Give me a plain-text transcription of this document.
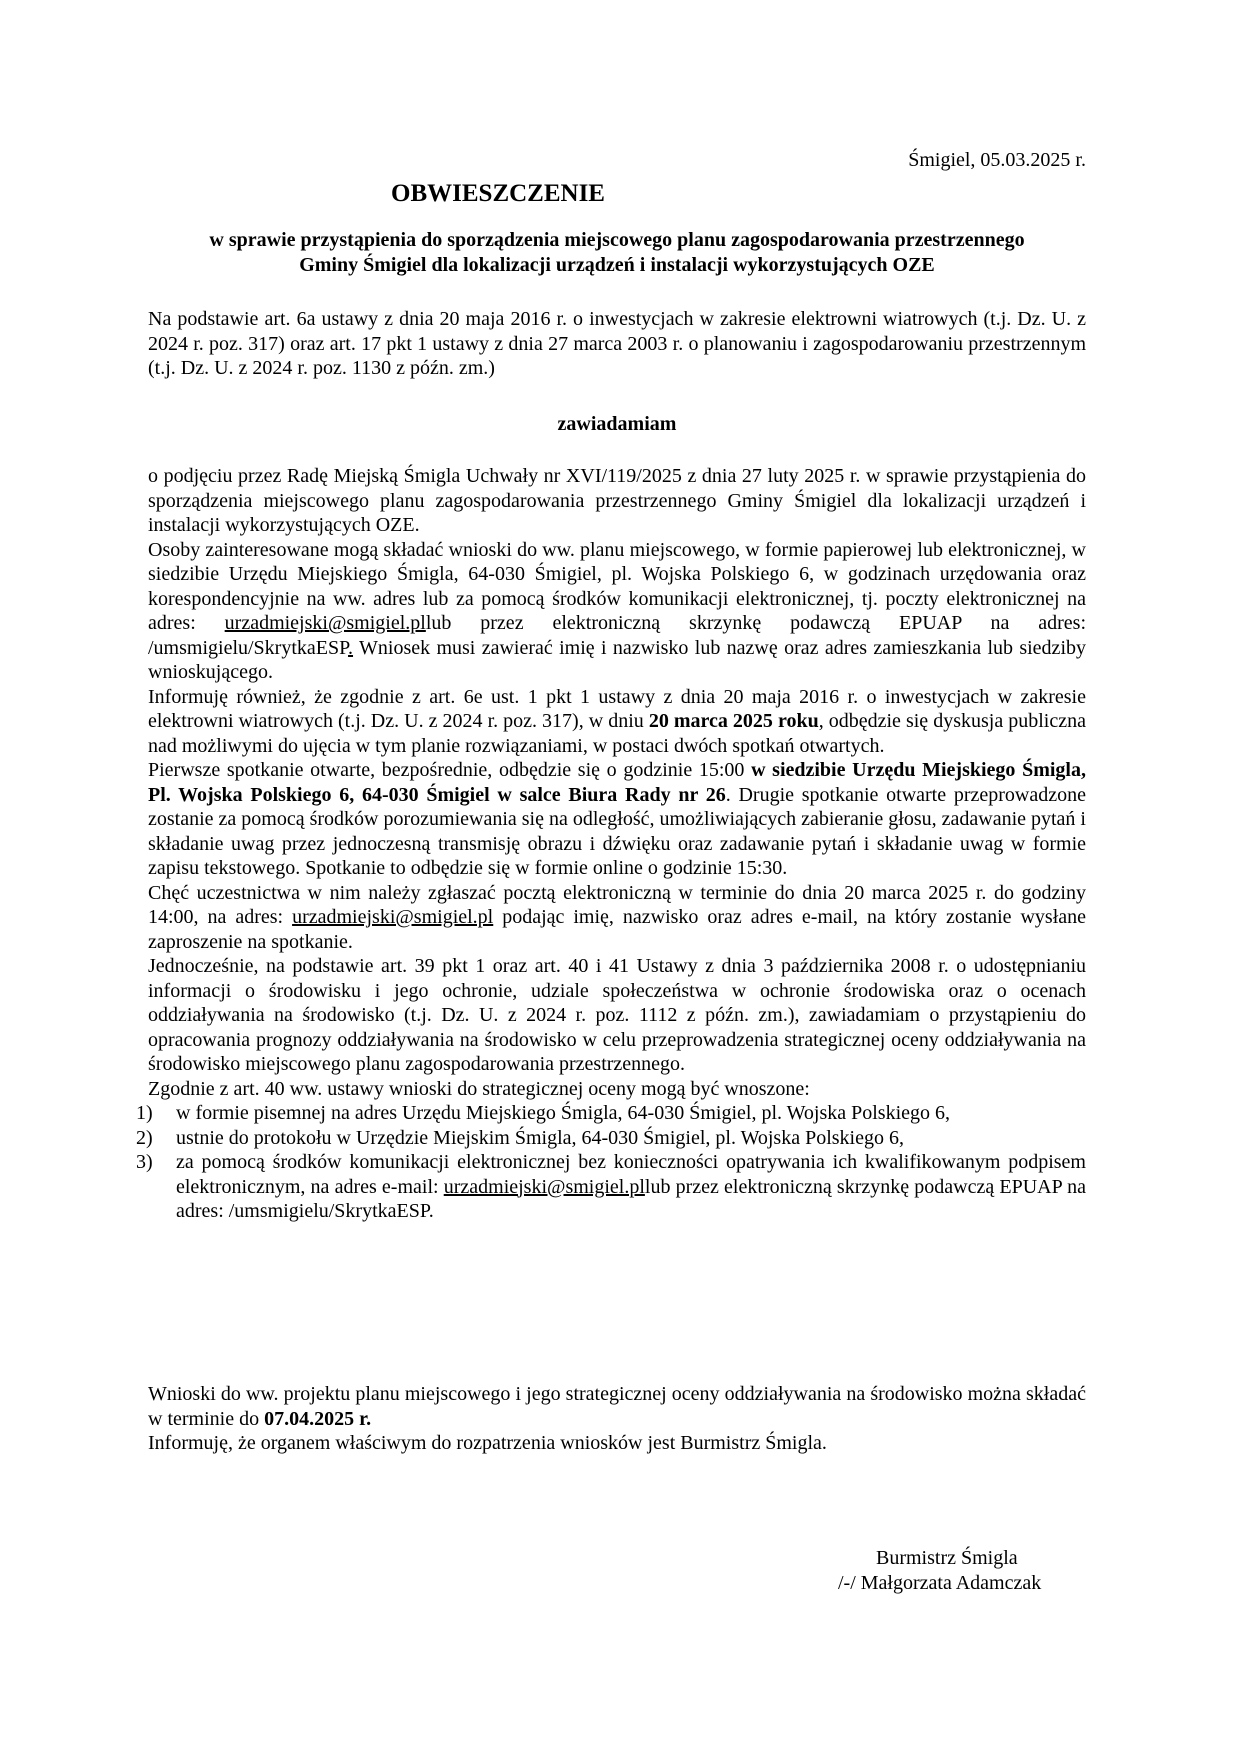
Śmigiel, 05.03.2025 r.
OBWIESZCZENIE
w sprawie przystąpienia do sporządzenia miejscowego planu zagospodarowania przestrzennego
Gminy Śmigiel dla lokalizacji urządzeń i instalacji wykorzystujących OZE
Na podstawie art. 6a ustawy z dnia 20 maja 2016 r. o inwestycjach w zakresie elektrowni wiatrowych (t.j. Dz. U. z 2024 r. poz. 317) oraz art. 17 pkt 1 ustawy z dnia 27 marca 2003 r. o planowaniu i zagospodarowaniu przestrzennym (t.j. Dz. U. z 2024 r. poz. 1130 z późn. zm.)
zawiadamiam

o podjęciu przez Radę Miejską Śmigla Uchwały nr XVI/119/2025 z dnia 27 luty 2025 r. w sprawie przystąpienia do sporządzenia miejscowego planu zagospodarowania przestrzennego Gminy Śmigiel dla lokalizacji urządzeń i instalacji wykorzystujących OZE.

Osoby zainteresowane mogą składać wnioski do ww. planu miejscowego, w formie papierowej lub elektronicznej, w siedzibie Urzędu Miejskiego Śmigla, 64-030 Śmigiel, pl. Wojska Polskiego 6, w godzinach urzędowania oraz korespondencyjnie na ww. adres lub za pomocą środków komunikacji elektronicznej, tj. poczty elektronicznej na adres: urzadmiejski@smigiel.pllub przez elektroniczną skrzynkę podawczą EPUAP na adres: /umsmigielu/SkrytkaESP. Wniosek musi zawierać imię i nazwisko lub nazwę oraz adres zamieszkania lub siedziby wnioskującego.

Informuję również, że zgodnie z art. 6e ust. 1 pkt 1 ustawy z dnia 20 maja 2016 r. o inwestycjach w zakresie elektrowni wiatrowych (t.j. Dz. U. z 2024 r. poz. 317), w dniu 20 marca 2025 roku, odbędzie się dyskusja publiczna nad możliwymi do ujęcia w tym planie rozwiązaniami, w postaci dwóch spotkań otwartych.

Pierwsze spotkanie otwarte, bezpośrednie, odbędzie się o godzinie 15:00 w siedzibie Urzędu Miejskiego Śmigla, Pl. Wojska Polskiego 6, 64-030 Śmigiel w salce Biura Rady nr 26. Drugie spotkanie otwarte przeprowadzone zostanie za pomocą środków porozumiewania się na odległość, umożliwiających zabieranie głosu, zadawanie pytań i składanie uwag przez jednoczesną transmisję obrazu i dźwięku oraz zadawanie pytań i składanie uwag w formie zapisu tekstowego. Spotkanie to odbędzie się w formie online o godzinie 15:30.

Chęć uczestnictwa w nim należy zgłaszać pocztą elektroniczną w terminie do dnia 20 marca 2025 r. do godziny 14:00, na adres: urzadmiejski@smigiel.pl podając imię, nazwisko oraz adres e-mail, na który zostanie wysłane zaproszenie na spotkanie.

Jednocześnie, na podstawie art. 39 pkt 1 oraz art. 40 i 41 Ustawy z dnia 3 października 2008 r. o udostępnianiu informacji o środowisku i jego ochronie, udziale społeczeństwa w ochronie środowiska oraz o ocenach oddziaływania na środowisko (t.j. Dz. U. z 2024 r. poz. 1112 z późn. zm.), zawiadamiam o przystąpieniu do opracowania prognozy oddziaływania na środowisko w celu przeprowadzenia strategicznej oceny oddziaływania na środowisko miejscowego planu zagospodarowania przestrzennego.

Zgodnie z art. 40 ww. ustawy wnioski do strategicznej oceny mogą być wnoszone:

1) w formie pisemnej na adres Urzędu Miejskiego Śmigla, 64-030 Śmigiel, pl. Wojska Polskiego 6,
2) ustnie do protokołu w Urzędzie Miejskim Śmigla, 64-030 Śmigiel, pl. Wojska Polskiego 6,
3) za pomocą środków komunikacji elektronicznej bez konieczności opatrywania ich kwalifikowanym podpisem elektronicznym, na adres e-mail: urzadmiejski@smigiel.pllub przez elektroniczną skrzynkę podawczą EPUAP na adres: /umsmigielu/SkrytkaESP.

Wnioski do ww. projektu planu miejscowego i jego strategicznej oceny oddziaływania na środowisko można składać w terminie do 07.04.2025 r.

Informuję, że organem właściwym do rozpatrzenia wniosków jest Burmistrz Śmigla.

Burmistrz Śmigla
/-/ Małgorzata Adamczak
